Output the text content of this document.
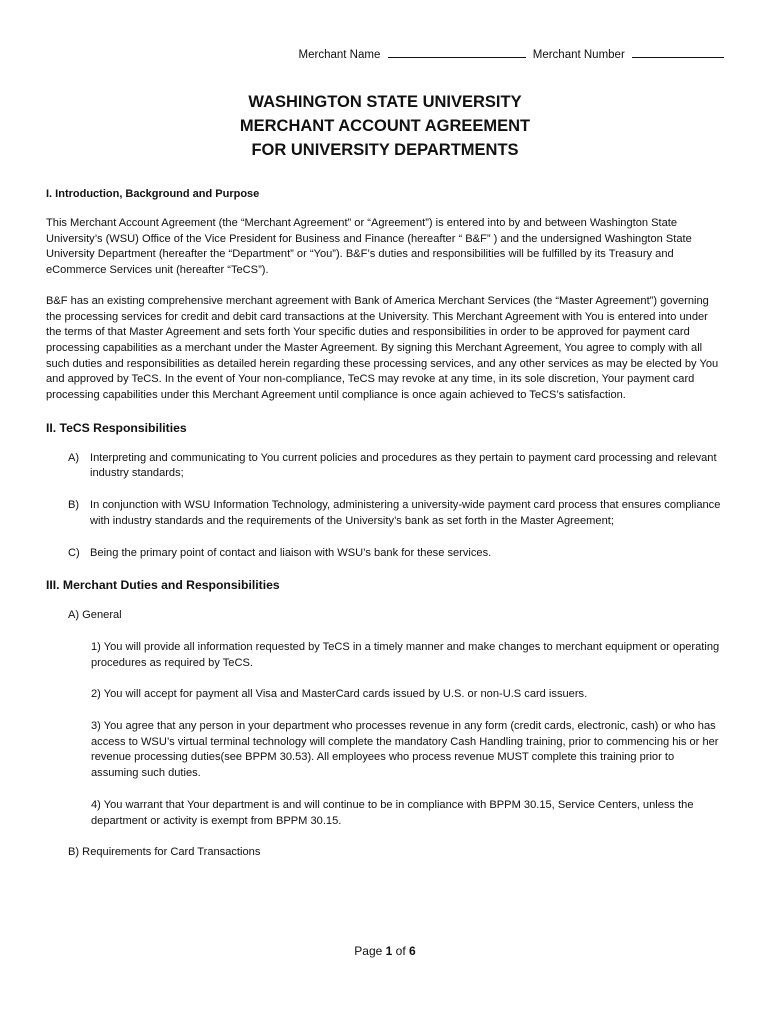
Merchant Name	Merchant Number
WASHINGTON STATE UNIVERSITY
MERCHANT ACCOUNT AGREEMENT
FOR UNIVERSITY DEPARTMENTS
I. Introduction, Background and Purpose

This Merchant Account Agreement (the “Merchant Agreement” or “Agreement”) is entered into by and between Washington State University’s (WSU) Office of the Vice President for Business and Finance (hereafter “ B&F” ) and the undersigned Washington State University Department (hereafter the “Department” or “You”). B&F’s duties and responsibilities will be fulfilled by its Treasury and eCommerce Services unit (hereafter “TeCS”).

B&F has an existing comprehensive merchant agreement with Bank of America Merchant Services (the “Master Agreement”) governing the processing services for credit and debit card transactions at the University. This Merchant Agreement with You is entered into under the terms of that Master Agreement and sets forth Your specific duties and responsibilities in order to be approved for payment card processing capabilities as a merchant under the Master Agreement. By signing this Merchant Agreement, You agree to comply with all such duties and responsibilities as detailed herein regarding these processing services, and any other services as may be elected by You and approved by TeCS. In the event of Your non-compliance, TeCS may revoke at any time, in its sole discretion, Your payment card processing capabilities under this Merchant Agreement until compliance is once again achieved to TeCS’s satisfaction.

II. TeCS Responsibilities
A) Interpreting and communicating to You current policies and procedures as they pertain to payment card processing and relevant industry standards;
B) In conjunction with WSU Information Technology, administering a university-wide payment card process that ensures compliance with industry standards and the requirements of the University’s bank as set forth in the Master Agreement;
C) Being the primary point of contact and liaison with WSU’s bank for these services.
III. Merchant Duties and Responsibilities
A) General
1) You will provide all information requested by TeCS in a timely manner and make changes to merchant equipment or operating procedures as required by TeCS.
2) You will accept for payment all Visa and MasterCard cards issued by U.S. or non-U.S card issuers.
3) You agree that any person in your department who processes revenue in any form (credit cards, electronic, cash) or who has access to WSU’s virtual terminal technology will complete the mandatory Cash Handling training, prior to commencing his or her revenue processing duties(see BPPM 30.53). All employees who process revenue MUST complete this training prior to assuming such duties.
4) You warrant that Your department is and will continue to be in compliance with BPPM 30.15, Service Centers, unless the department or activity is exempt from BPPM 30.15.
B) Requirements for Card Transactions
Page 1 of 6
